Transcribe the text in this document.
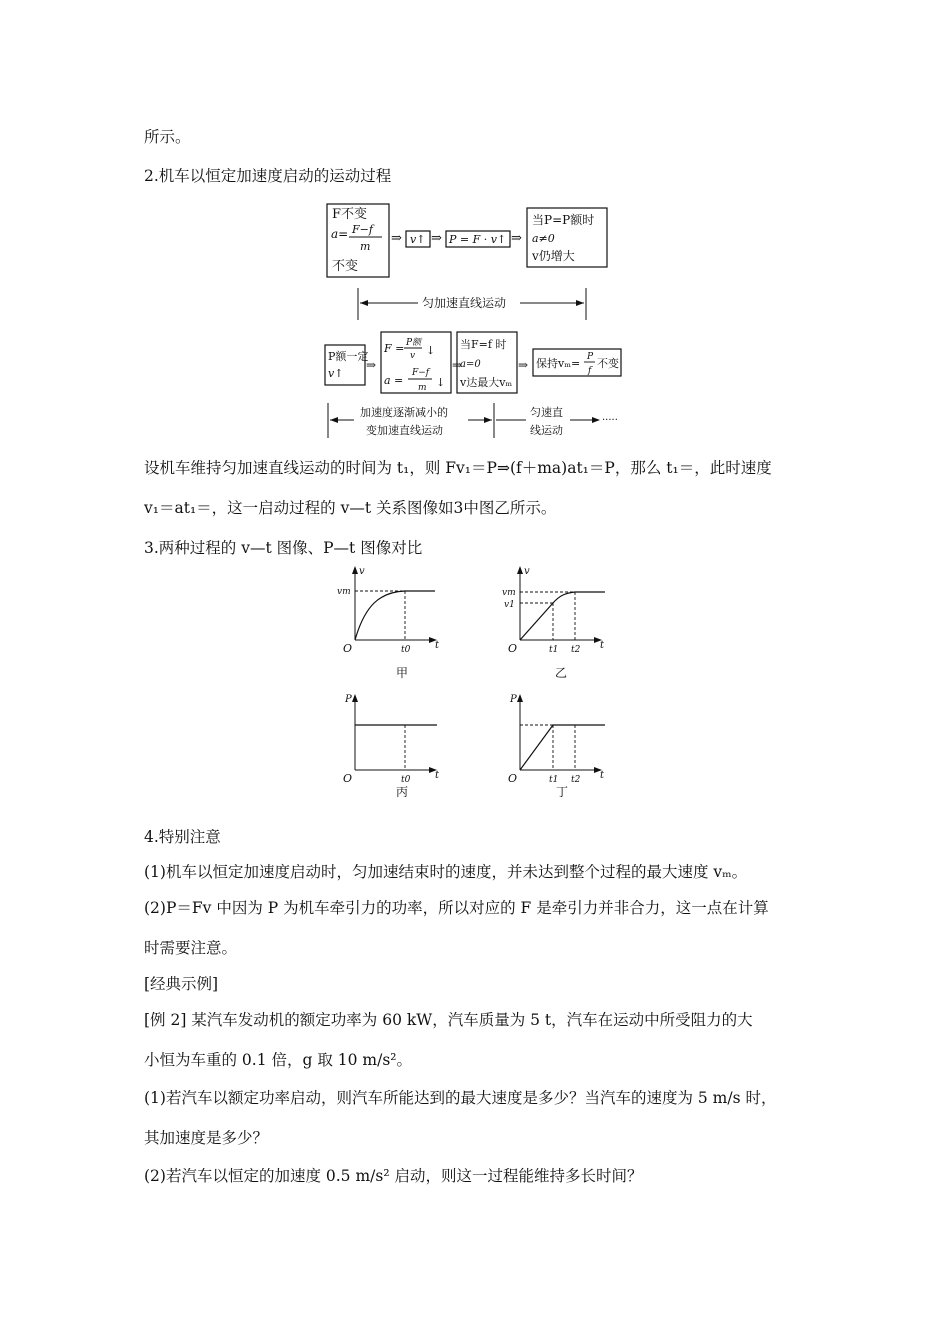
所示。
2.机车以恒定加速度启动的运动过程
F不变
a= F−f
m
不变
⇒ v↑ ⇒ P = F · v↑ ⇒
当P=P额时
a≠0
v仍增大
匀加速直线运动
P额一定
v↑
⇒
F = P额
v ↓
a =
F−f
m ↓
⇒
当F=f 时
a=0
v达最大vₘ
⇒ 保持vₘ= P
f
不变
加速度逐渐减小的
变加速直线运动
匀速直
线运动
·····
设机车维持匀加速直线运动的时间为 t₁，则 Fv₁＝P⇒(f＋ma)at₁＝P，那么 t₁＝，此时速度
v₁＝at₁＝，这一启动过程的 v—t 关系图像如3中图乙所示。
3.两种过程的 v—t 图像、P—t 图像对比
v
vm
O	t0 t
甲
v
vm
v1
O	t1 t2 t
乙
P
O	t0 t
丙
P
O	t1 t2 t
丁
4.特别注意
(1)机车以恒定加速度启动时，匀加速结束时的速度，并未达到整个过程的最大速度 vₘ。
(2)P＝Fv 中因为 P 为机车牵引力的功率，所以对应的 F 是牵引力并非合力，这一点在计算
时需要注意。
[经典示例]
[例 2] 某汽车发动机的额定功率为 60 kW，汽车质量为 5 t，汽车在运动中所受阻力的大
小恒为车重的 0.1 倍，g 取 10 m/s²。
(1)若汽车以额定功率启动，则汽车所能达到的最大速度是多少？当汽车的速度为 5 m/s 时，
其加速度是多少？
(2)若汽车以恒定的加速度 0.5 m/s² 启动，则这一过程能维持多长时间？
